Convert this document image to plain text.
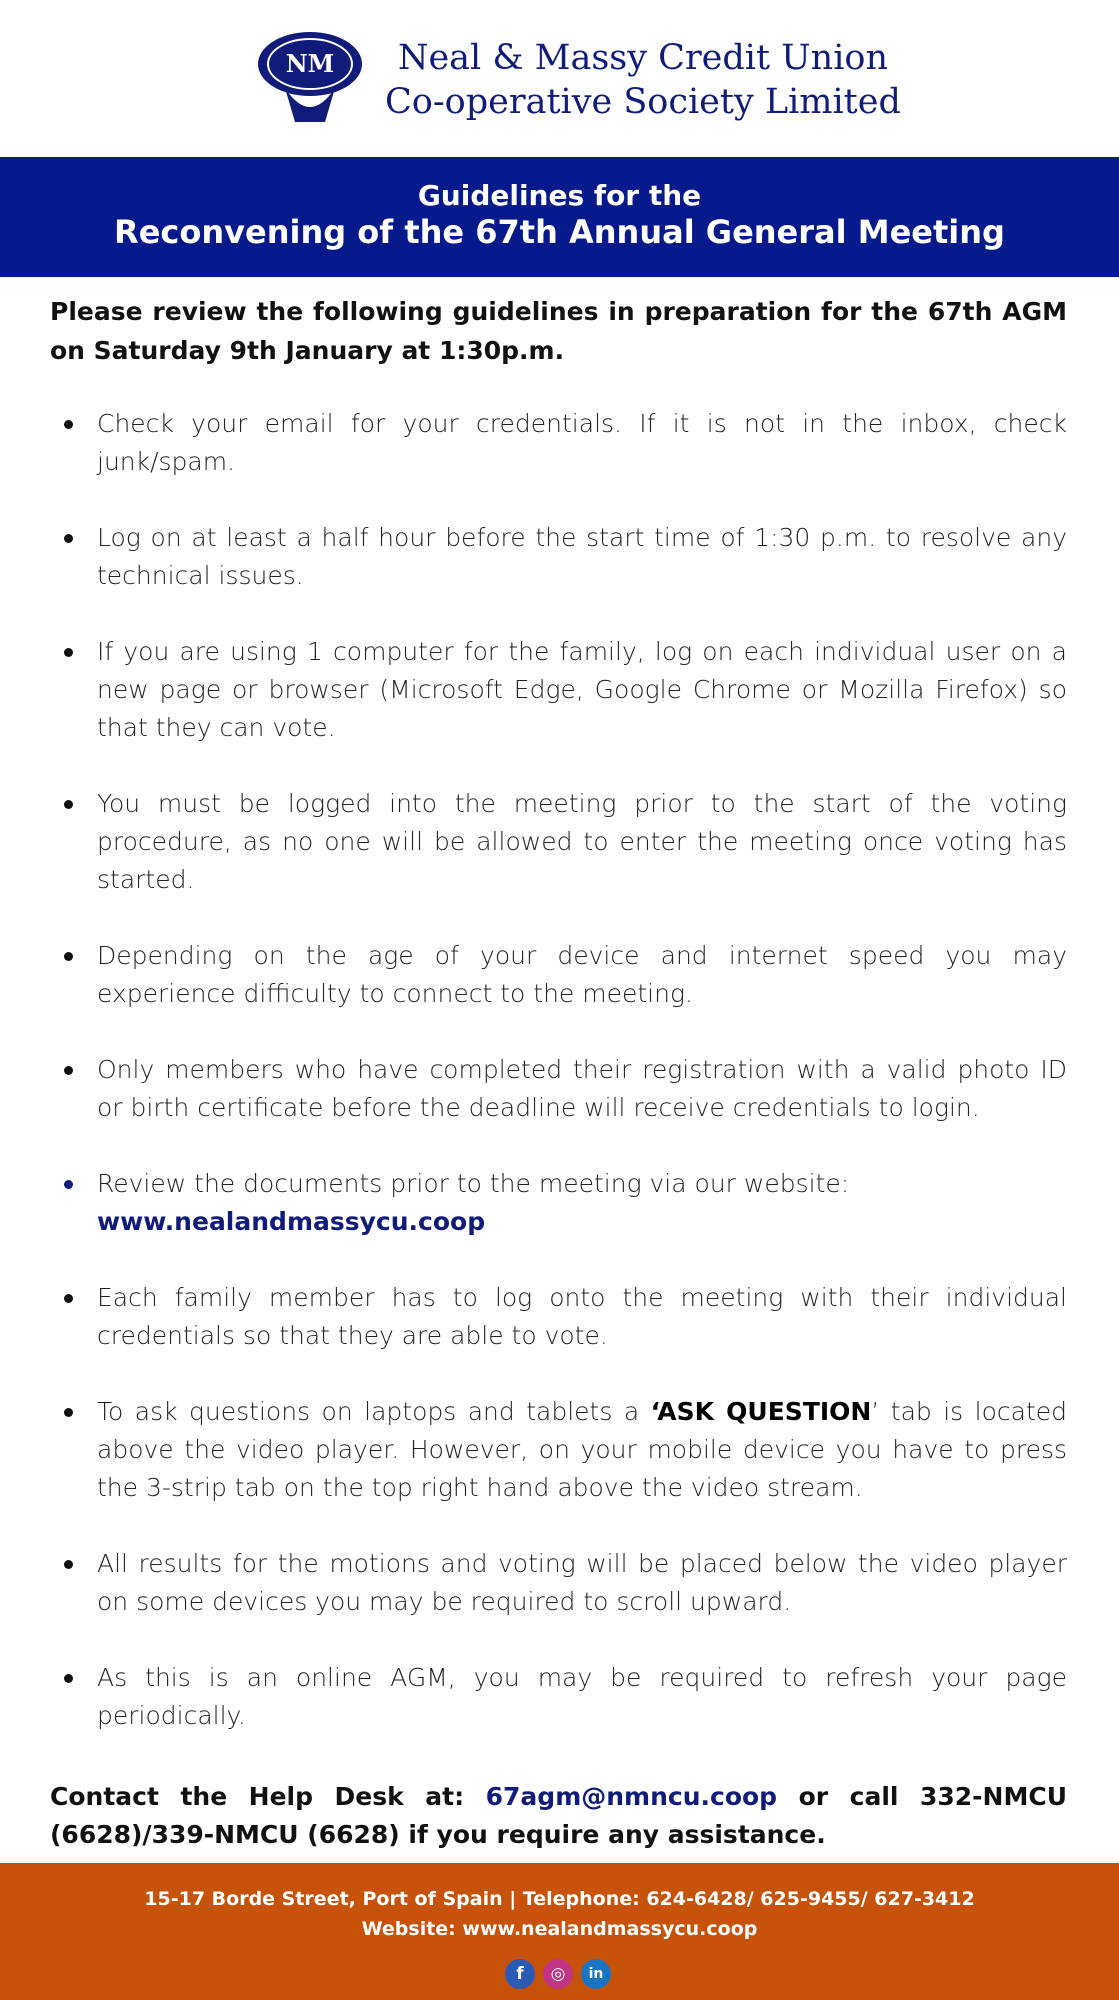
NM	Neal & Massy Credit Union
Co-operative Society Limited
Guidelines for the
Reconvening of the 67th Annual General Meeting
Please review the following guidelines in preparation for the 67th AGM on Saturday 9th January at 1:30p.m.
Check your email for your credentials. If it is not in the inbox, check junk/spam.
Log on at least a half hour before the start time of 1:30 p.m. to resolve any technical issues.
If you are using 1 computer for the family, log on each individual user on a new page or browser (Microsoft Edge, Google Chrome or Mozilla Firefox) so that they can vote.
You must be logged into the meeting prior to the start of the voting procedure, as no one will be allowed to enter the meeting once voting has started.
Depending on the age of your device and internet speed you may experience difficulty to connect to the meeting.
Only members who have completed their registration with a valid photo ID or birth certificate before the deadline will receive credentials to login.
Review the documents prior to the meeting via our website:
www.nealandmassycu.coop
Each family member has to log onto the meeting with their individual credentials so that they are able to vote.
To ask questions on laptops and tablets a ‘ASK QUESTION’ tab is located above the video player. However, on your mobile device you have to press the 3-strip tab on the top right hand above the video stream.
All results for the motions and voting will be placed below the video player on some devices you may be required to scroll upward.
As this is an online AGM, you may be required to refresh your page periodically.
Contact the Help Desk at: 67agm@nmncu.coop or call 332-NMCU (6628)/339-NMCU (6628) if you require any assistance.
15-17 Borde Street, Port of Spain | Telephone: 624-6428/ 625-9455/ 627-3412
Website: www.nealandmassycu.coop
f	◎	in
